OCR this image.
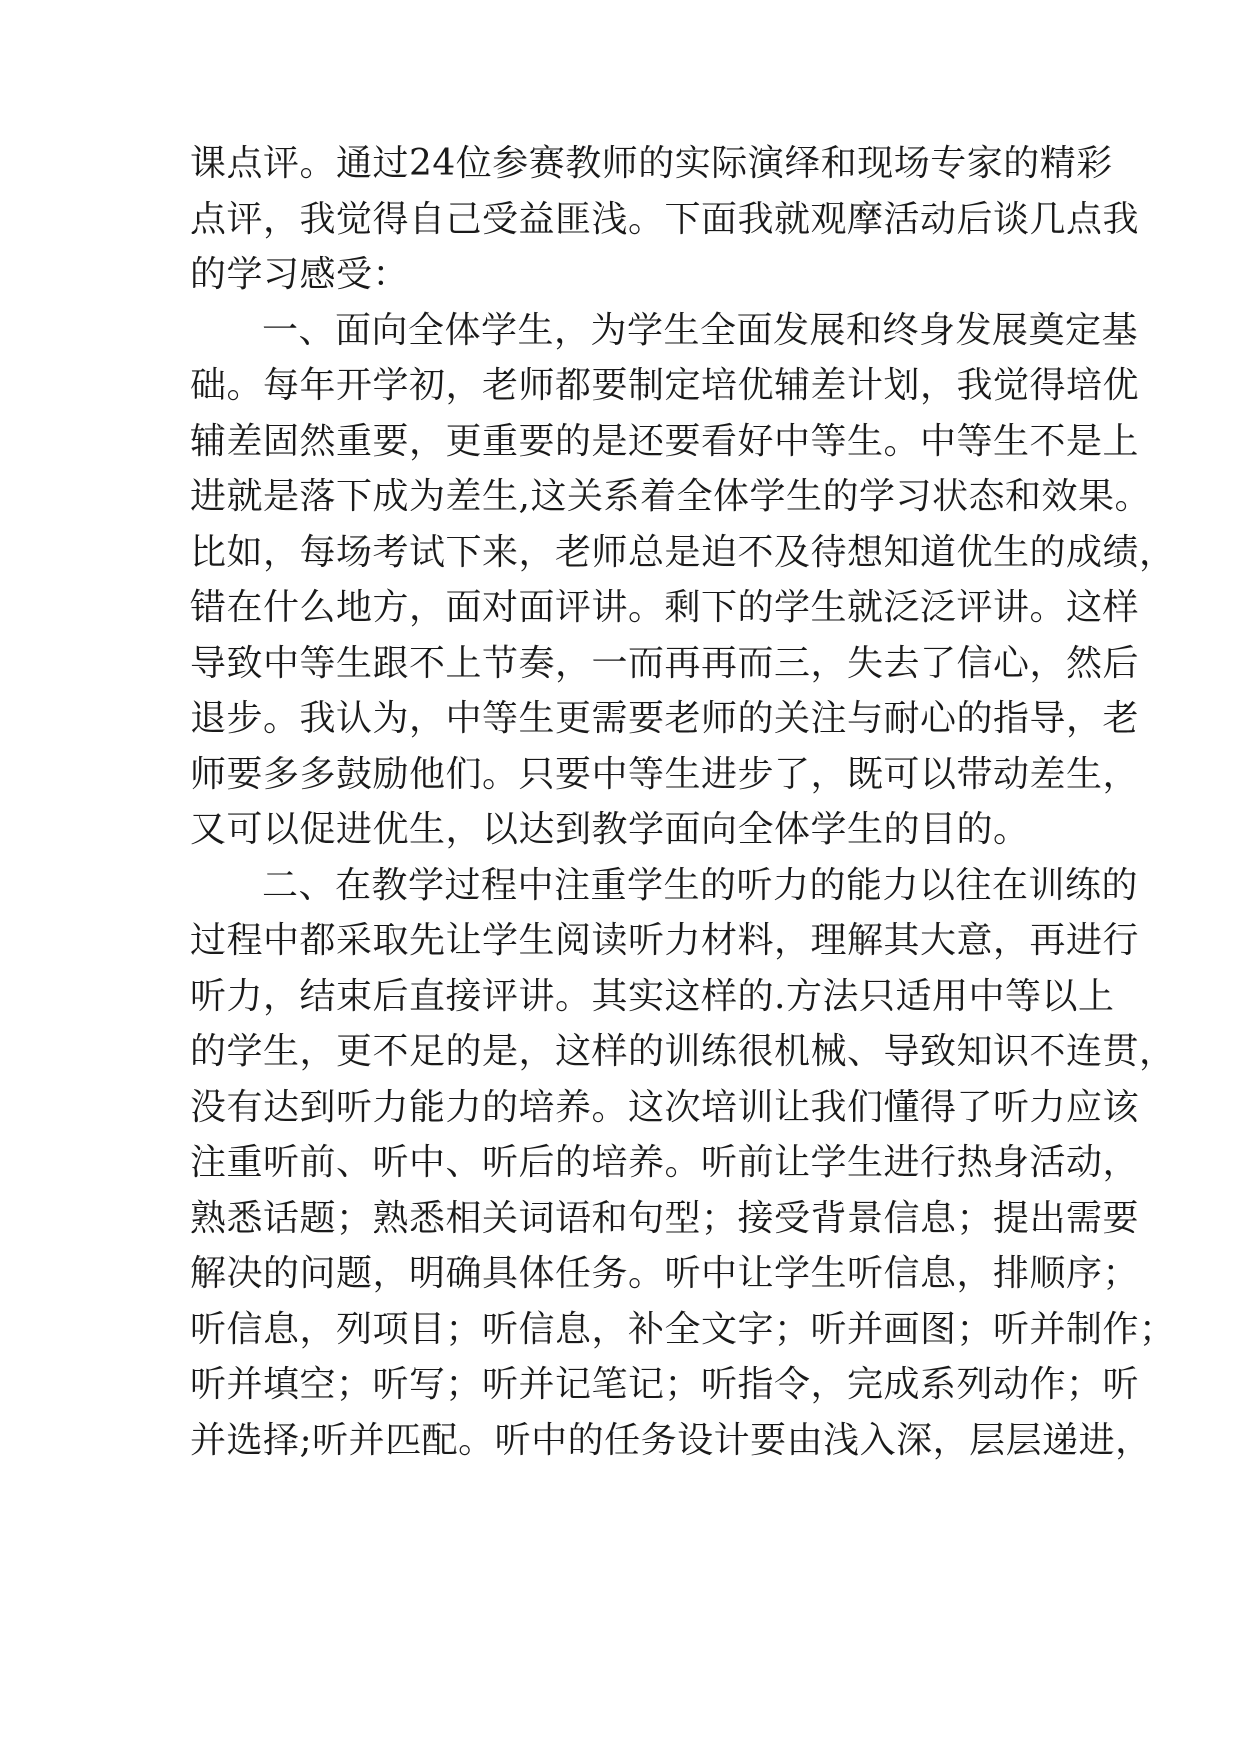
课点评。通过24位参赛教师的实际演绎和现场专家的精彩
点评，我觉得自己受益匪浅。下面我就观摩活动后谈几点我
的学习感受：
一、面向全体学生，为学生全面发展和终身发展奠定基
础。每年开学初，老师都要制定培优辅差计划，我觉得培优
辅差固然重要，更重要的是还要看好中等生。中等生不是上
进就是落下成为差生,这关系着全体学生的学习状态和效果。
比如，每场考试下来，老师总是迫不及待想知道优生的成绩，
错在什么地方，面对面评讲。剩下的学生就泛泛评讲。这样
导致中等生跟不上节奏，一而再再而三，失去了信心，然后
退步。我认为，中等生更需要老师的关注与耐心的指导，老
师要多多鼓励他们。只要中等生进步了，既可以带动差生，
又可以促进优生，以达到教学面向全体学生的目的。
二、在教学过程中注重学生的听力的能力以往在训练的
过程中都采取先让学生阅读听力材料，理解其大意，再进行
听力，结束后直接评讲。其实这样的.方法只适用中等以上
的学生，更不足的是，这样的训练很机械、导致知识不连贯，
没有达到听力能力的培养。这次培训让我们懂得了听力应该
注重听前、听中、听后的培养。听前让学生进行热身活动，
熟悉话题；熟悉相关词语和句型；接受背景信息；提出需要
解决的问题，明确具体任务。听中让学生听信息，排顺序；
听信息，列项目；听信息，补全文字；听并画图；听并制作；
听并填空；听写；听并记笔记；听指令，完成系列动作；听
并选择;听并匹配。听中的任务设计要由浅入深，层层递进，
